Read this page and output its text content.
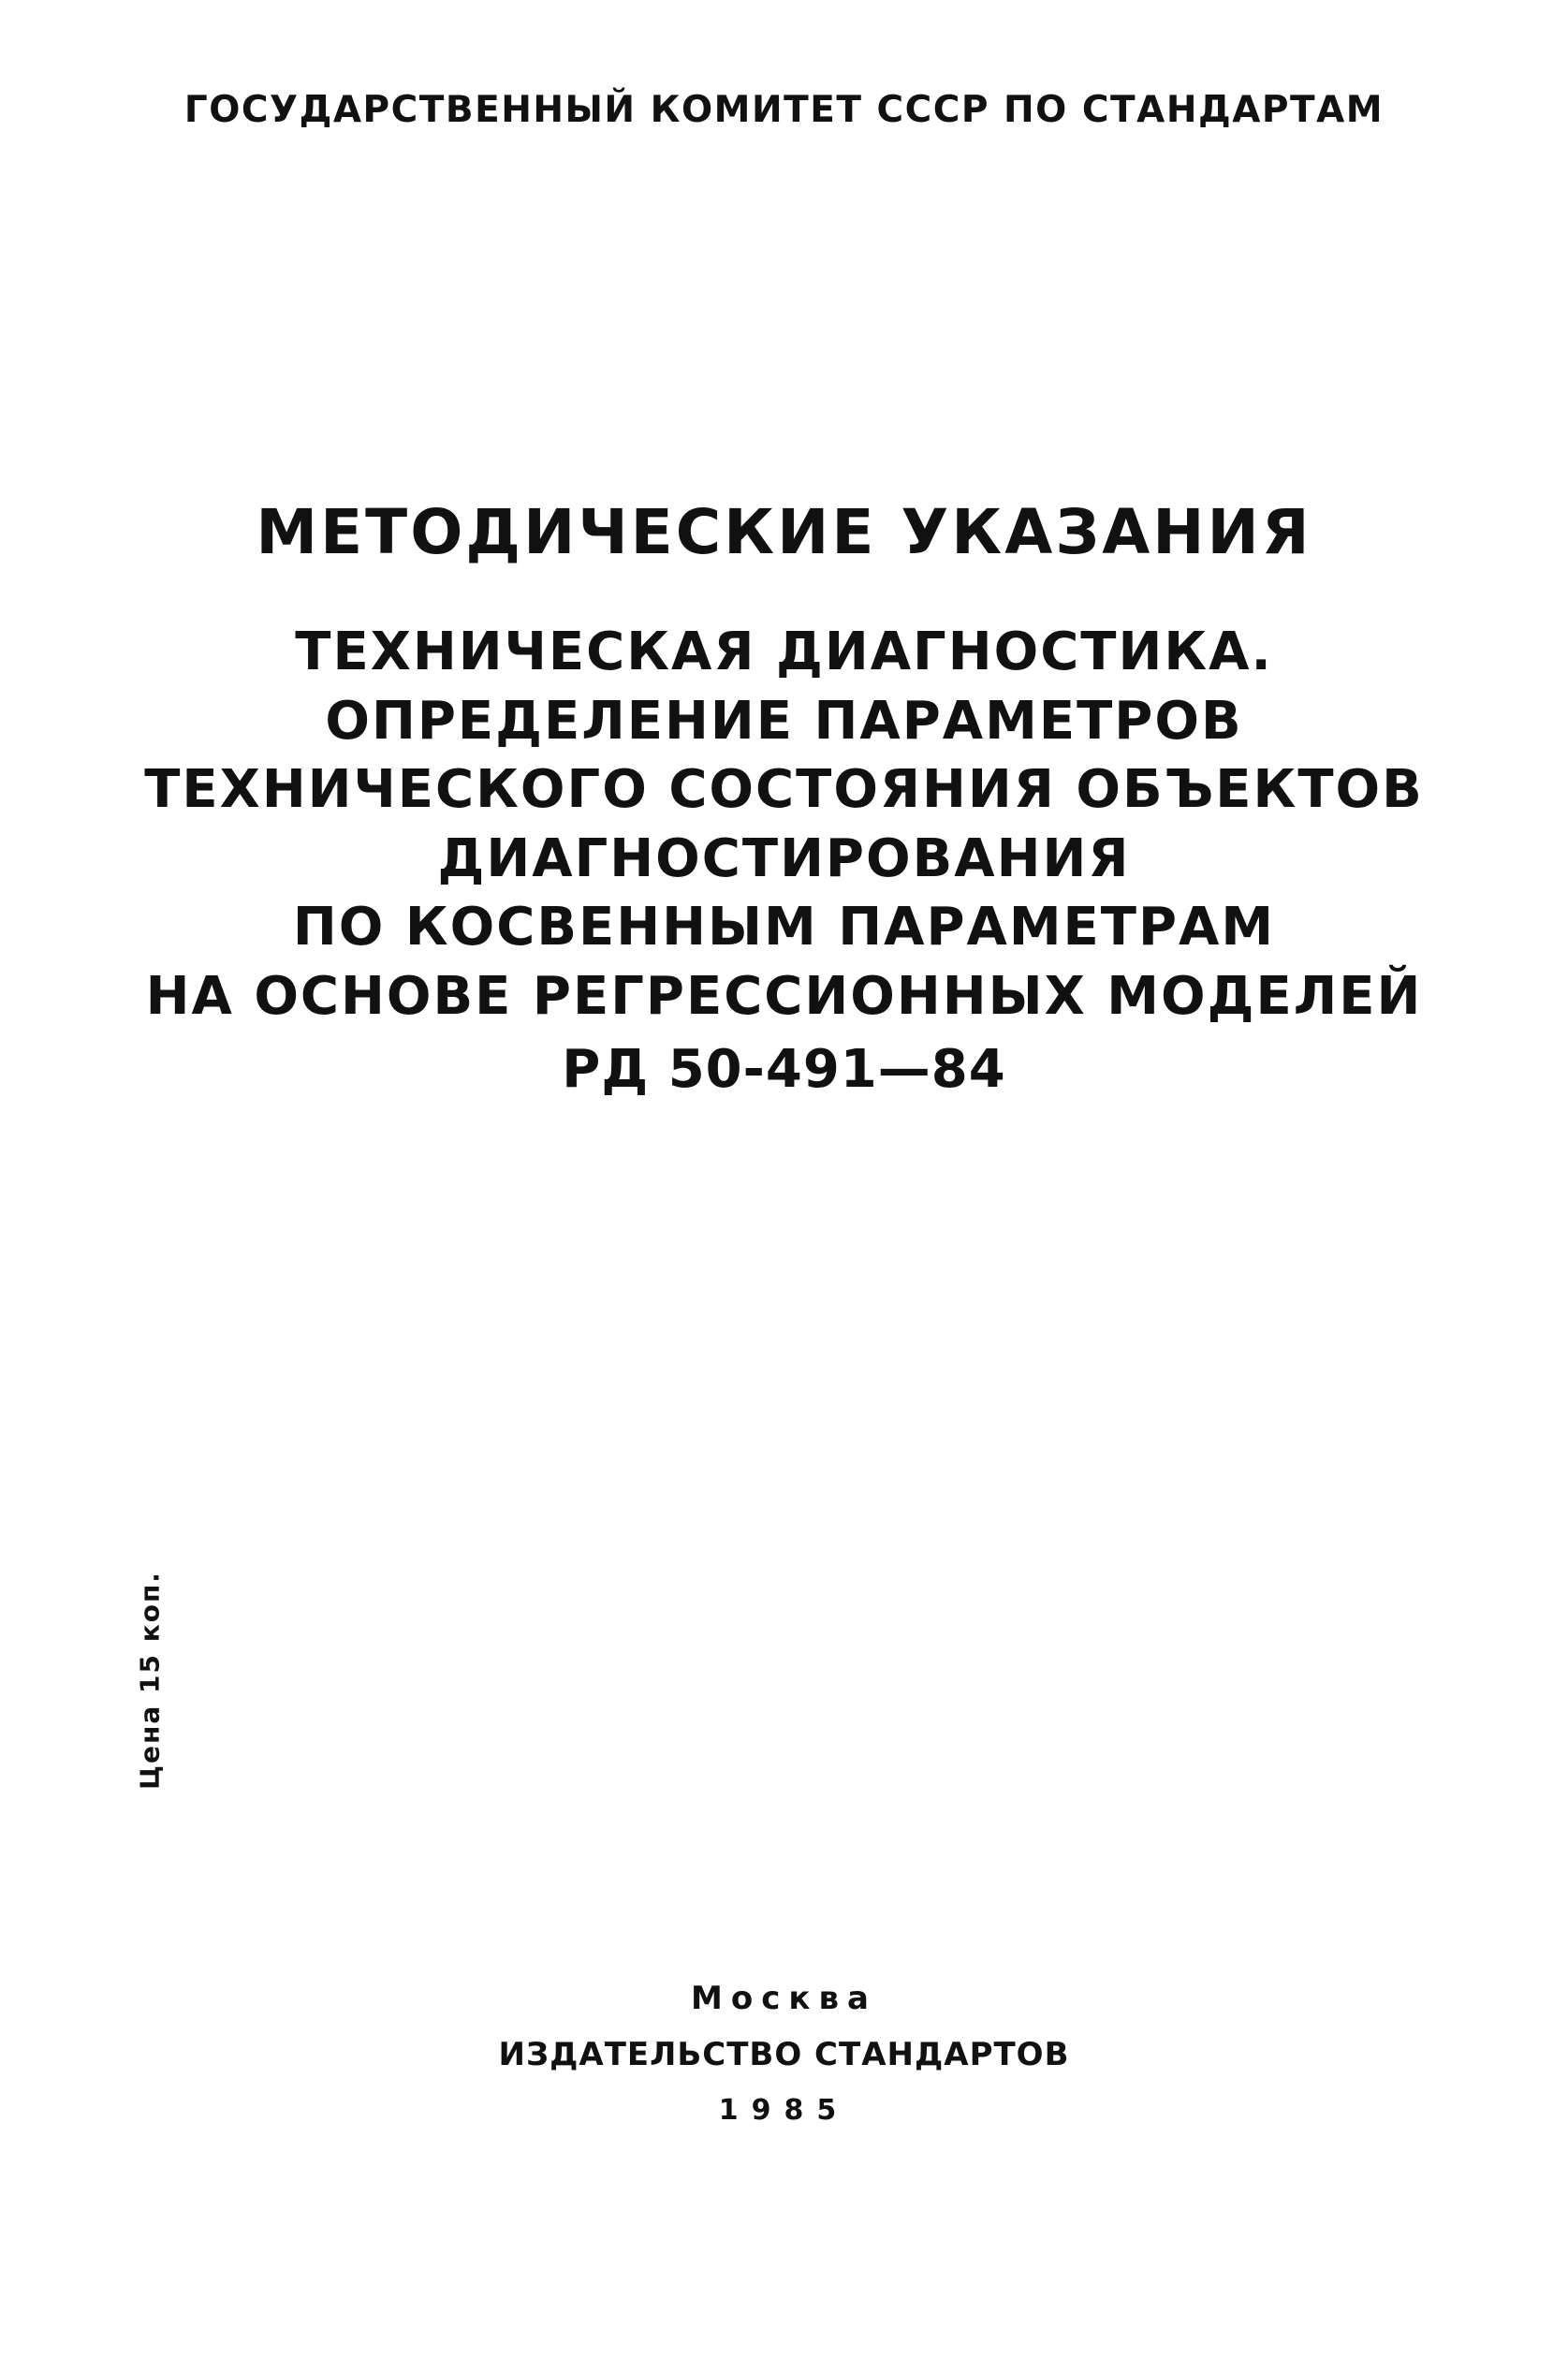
ГОСУДАРСТВЕННЫЙ КОМИТЕТ СССР ПО СТАНДАРТАМ
МЕТОДИЧЕСКИЕ УКАЗАНИЯ
ТЕХНИЧЕСКАЯ ДИАГНОСТИКА.
ОПРЕДЕЛЕНИЕ ПАРАМЕТРОВ
ТЕХНИЧЕСКОГО СОСТОЯНИЯ ОБЪЕКТОВ
ДИАГНОСТИРОВАНИЯ
ПО КОСВЕННЫМ ПАРАМЕТРАМ
НА ОСНОВЕ РЕГРЕССИОННЫХ МОДЕЛЕЙ
РД 50-491—84
Цена 15 коп.
Москва
ИЗДАТЕЛЬСТВО СТАНДАРТОВ
1985
